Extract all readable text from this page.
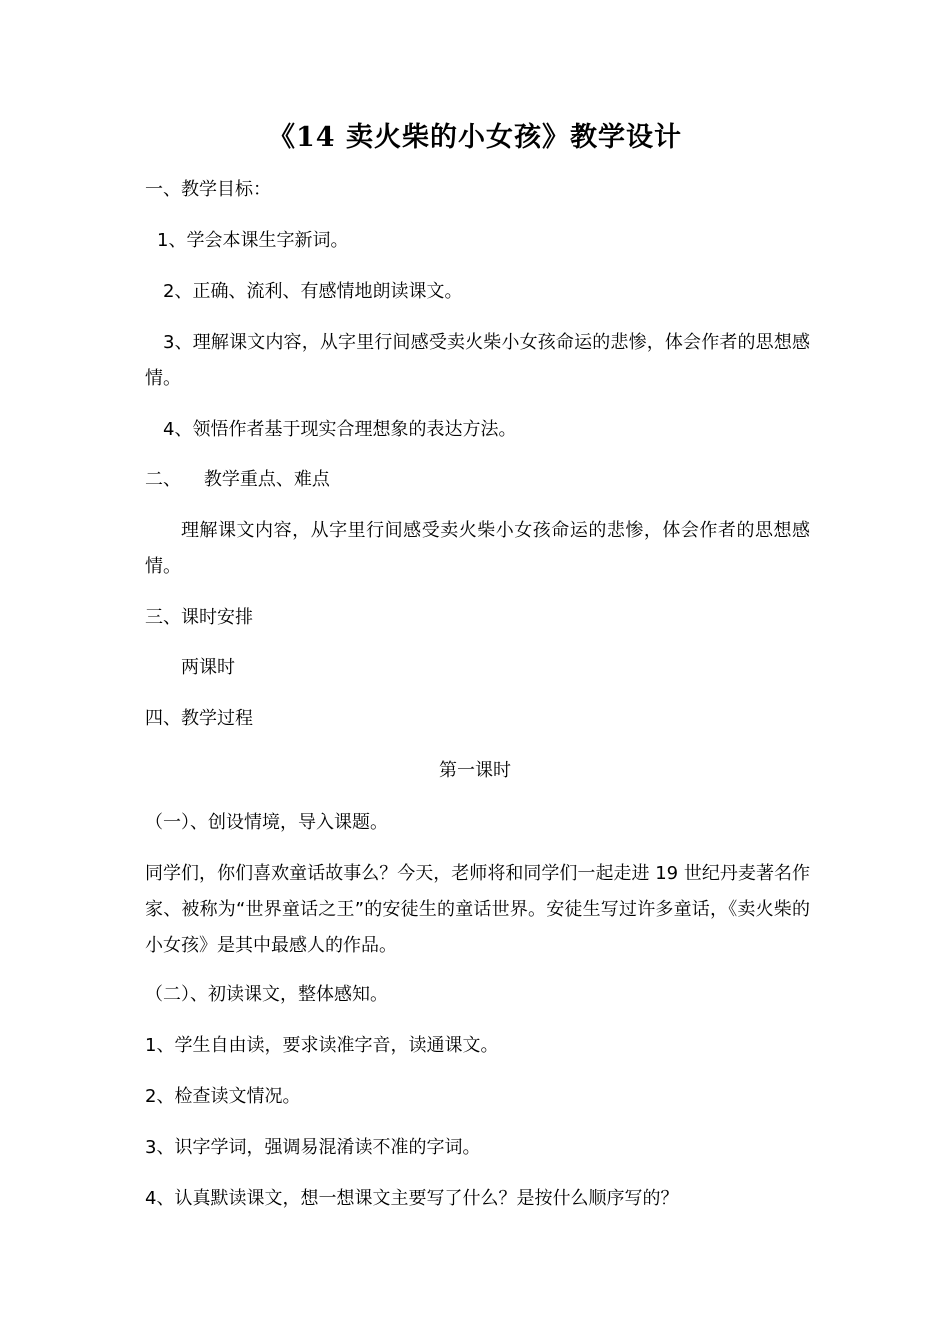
《14 卖火柴的小女孩》教学设计

一、教学目标：

1、学会本课生字新词。

2、正确、流利、有感情地朗读课文。

3、理解课文内容，从字里行间感受卖火柴小女孩命运的悲惨，体会作者的思想感情。

4、领悟作者基于现实合理想象的表达方法。

二、    教学重点、难点

理解课文内容，从字里行间感受卖火柴小女孩命运的悲惨，体会作者的思想感情。

三、课时安排

两课时

四、教学过程

第一课时

（一）、创设情境，导入课题。

同学们，你们喜欢童话故事么？今天，老师将和同学们一起走进 19 世纪丹麦著名作家、被称为“世界童话之王”的安徒生的童话世界。安徒生写过许多童话，《卖火柴的小女孩》是其中最感人的作品。

（二）、初读课文，整体感知。

1、学生自由读，要求读准字音，读通课文。

2、检查读文情况。

3、识字学词，强调易混淆读不准的字词。

4、认真默读课文，想一想课文主要写了什么？是按什么顺序写的？
